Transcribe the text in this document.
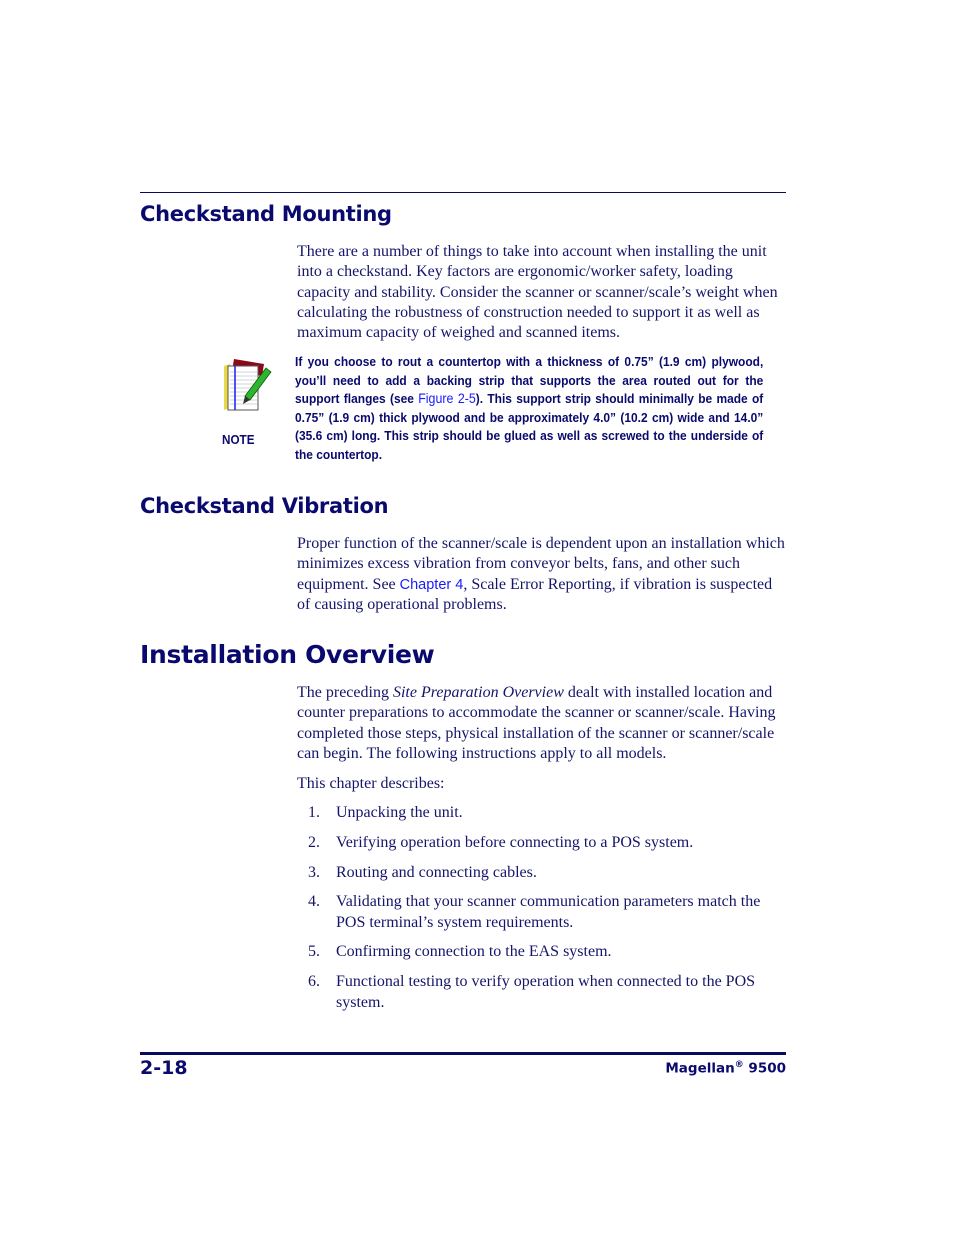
Checkstand Mounting

There are a number of things to take into account when installing the unit into a checkstand. Key factors are ergonomic/worker safety, loading capacity and stability. Consider the scanner or scanner/scale’s weight when calculating the robustness of construction needed to support it as well as maximum capacity of weighed and scanned items.

NOTE

If you choose to rout a countertop with a thickness of 0.75” (1.9 cm) plywood, you’ll need to add a backing strip that supports the area routed out for the support flanges (see Figure 2-5). This support strip should minimally be made of 0.75” (1.9 cm) thick plywood and be approximately 4.0” (10.2 cm) wide and 14.0” (35.6 cm) long. This strip should be glued as well as screwed to the underside of the countertop.

Checkstand Vibration

Proper function of the scanner/scale is dependent upon an installation which minimizes excess vibration from conveyor belts, fans, and other such equipment. See Chapter 4, Scale Error Reporting, if vibration is suspected of causing operational problems.

Installation Overview

The preceding Site Preparation Overview dealt with installed location and counter preparations to accommodate the scanner or scanner/scale. Having completed those steps, physical installation of the scanner or scanner/scale can begin. The following instructions apply to all models.

This chapter describes:

1. Unpacking the unit.
2. Verifying operation before connecting to a POS system.
3. Routing and connecting cables.
4. Validating that your scanner communication parameters match the POS terminal’s system requirements.
5. Confirming connection to the EAS system.
6. Functional testing to verify operation when connected to the POS system.
2-18	Magellan® 9500
